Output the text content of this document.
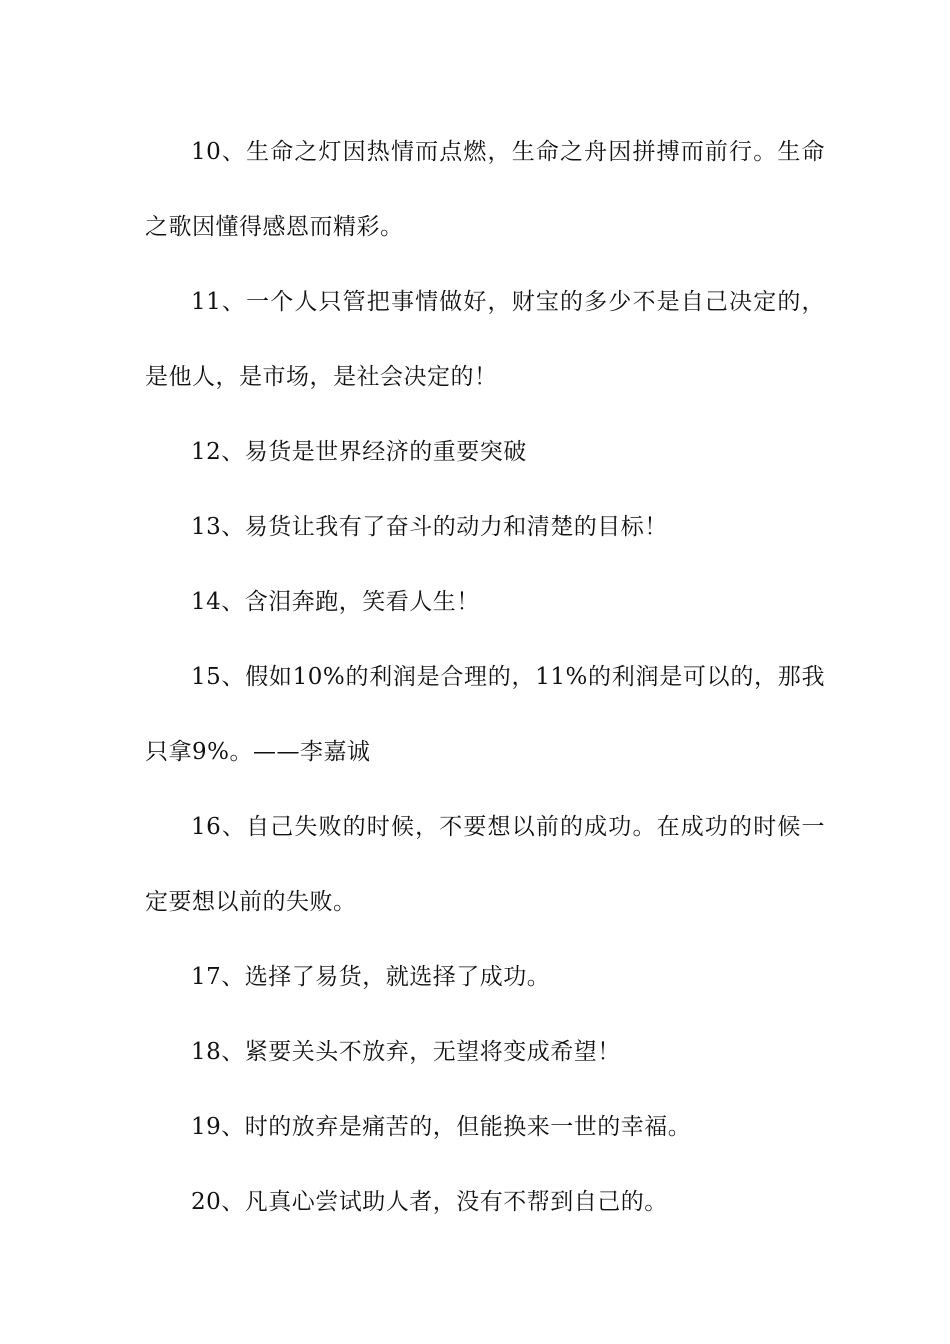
10、生命之灯因热情而点燃，生命之舟因拼搏而前行。生命之歌因懂得感恩而精彩。

11、一个人只管把事情做好，财宝的多少不是自己决定的，是他人，是市场，是社会决定的！

12、易货是世界经济的重要突破

13、易货让我有了奋斗的动力和清楚的目标！

14、含泪奔跑，笑看人生！

15、假如10%的利润是合理的，11%的利润是可以的，那我只拿9%。——李嘉诚

16、自己失败的时候，不要想以前的成功。在成功的时候一定要想以前的失败。

17、选择了易货，就选择了成功。

18、紧要关头不放弃，无望将变成希望！

19、时的放弃是痛苦的，但能换来一世的幸福。

20、凡真心尝试助人者，没有不帮到自己的。
